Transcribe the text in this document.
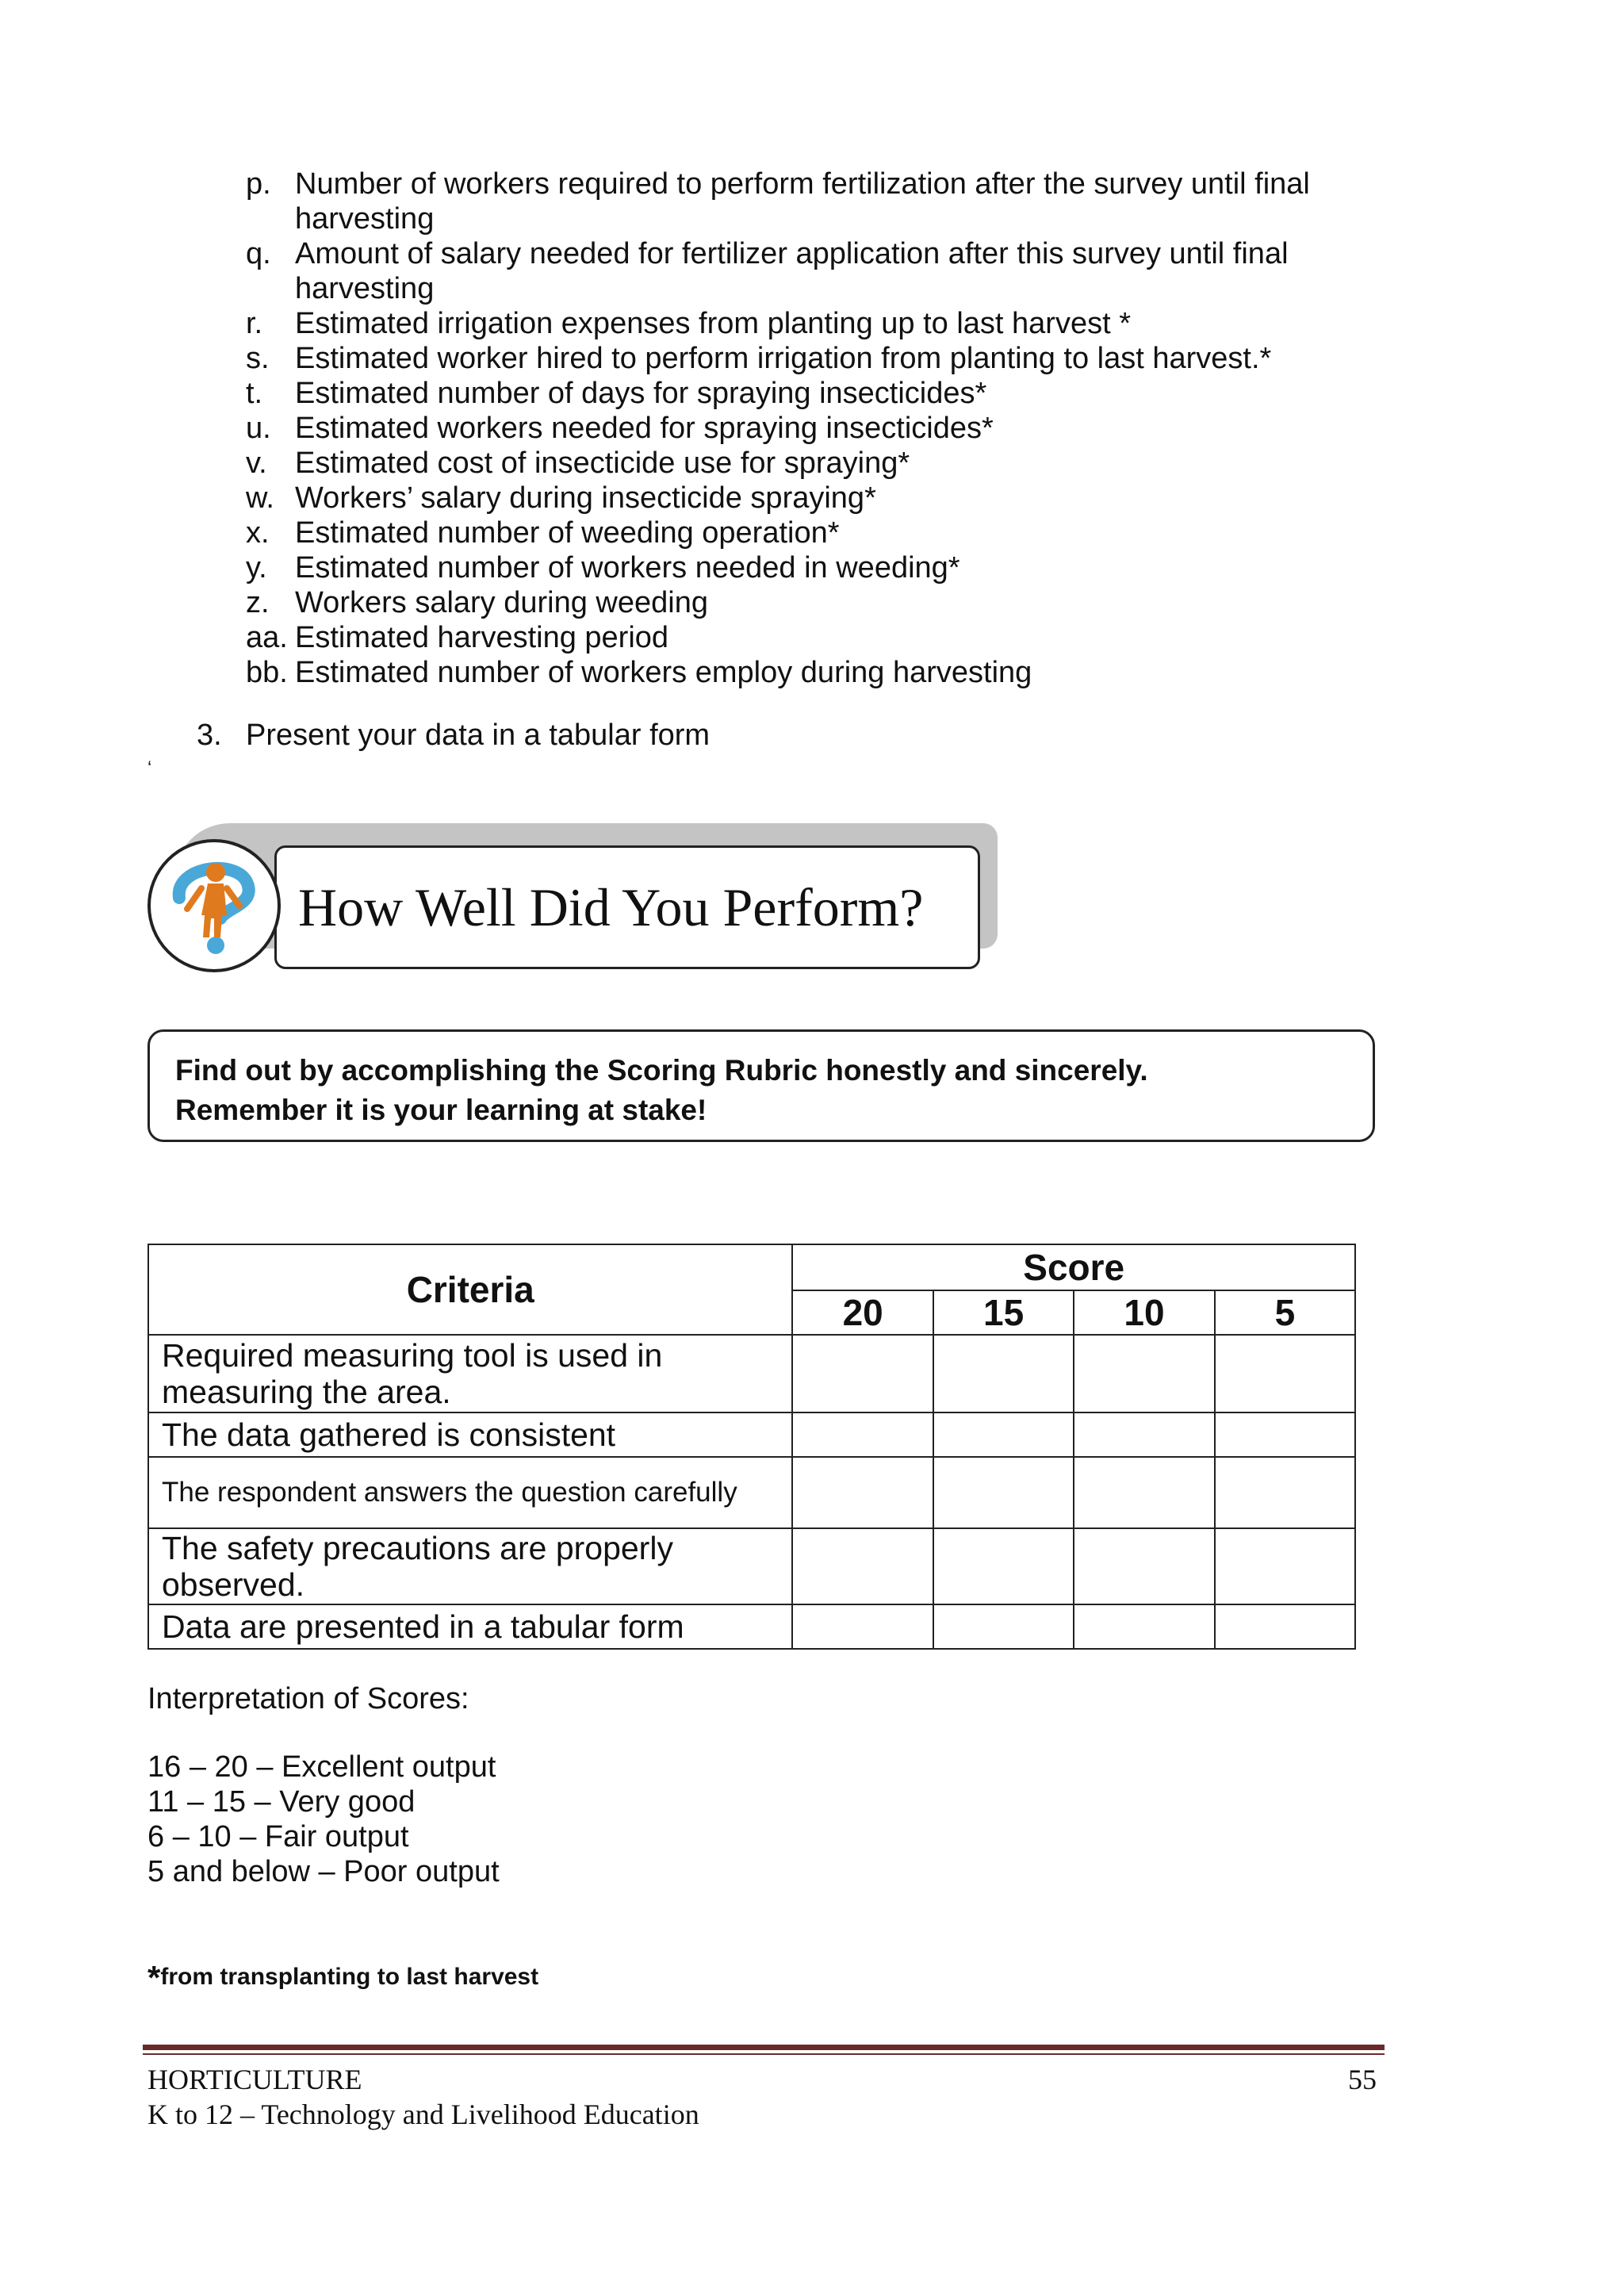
p. Number of workers required to perform fertilization after the survey until final harvesting
q. Amount of salary needed for fertilizer application after this survey until final harvesting
r.	Estimated irrigation expenses from planting up to last harvest *
s. Estimated worker hired to perform irrigation from planting to last harvest.*
t.	Estimated number of days for spraying insecticides*
u. Estimated workers needed for spraying insecticides*
v. Estimated cost of insecticide use for spraying*
w. Workers’ salary during insecticide spraying*
x. Estimated number of weeding operation*
y. Estimated number of workers needed in weeding*
z. Workers salary during weeding
aa. Estimated harvesting period
bb. Estimated number of workers employ during harvesting
3. Present your data in a tabular form
‘
How Well Did You Perform?
Find out by accomplishing the Scoring Rubric honestly and sincerely.
Remember it is your learning at stake!
Criteria	Score			
	20	15	10	5
Required measuring tool is used in measuring the area.				
The data gathered is consistent				
The respondent answers the question carefully				
The safety precautions are properly observed.				
Data are presented in a tabular form				
Interpretation of Scores:
16 – 20 – Excellent output
11 – 15 – Very good
6 – 10 – Fair output
5 and below – Poor output
*from transplanting to last harvest
HORTICULTURE
K to 12 – Technology and Livelihood Education
55
